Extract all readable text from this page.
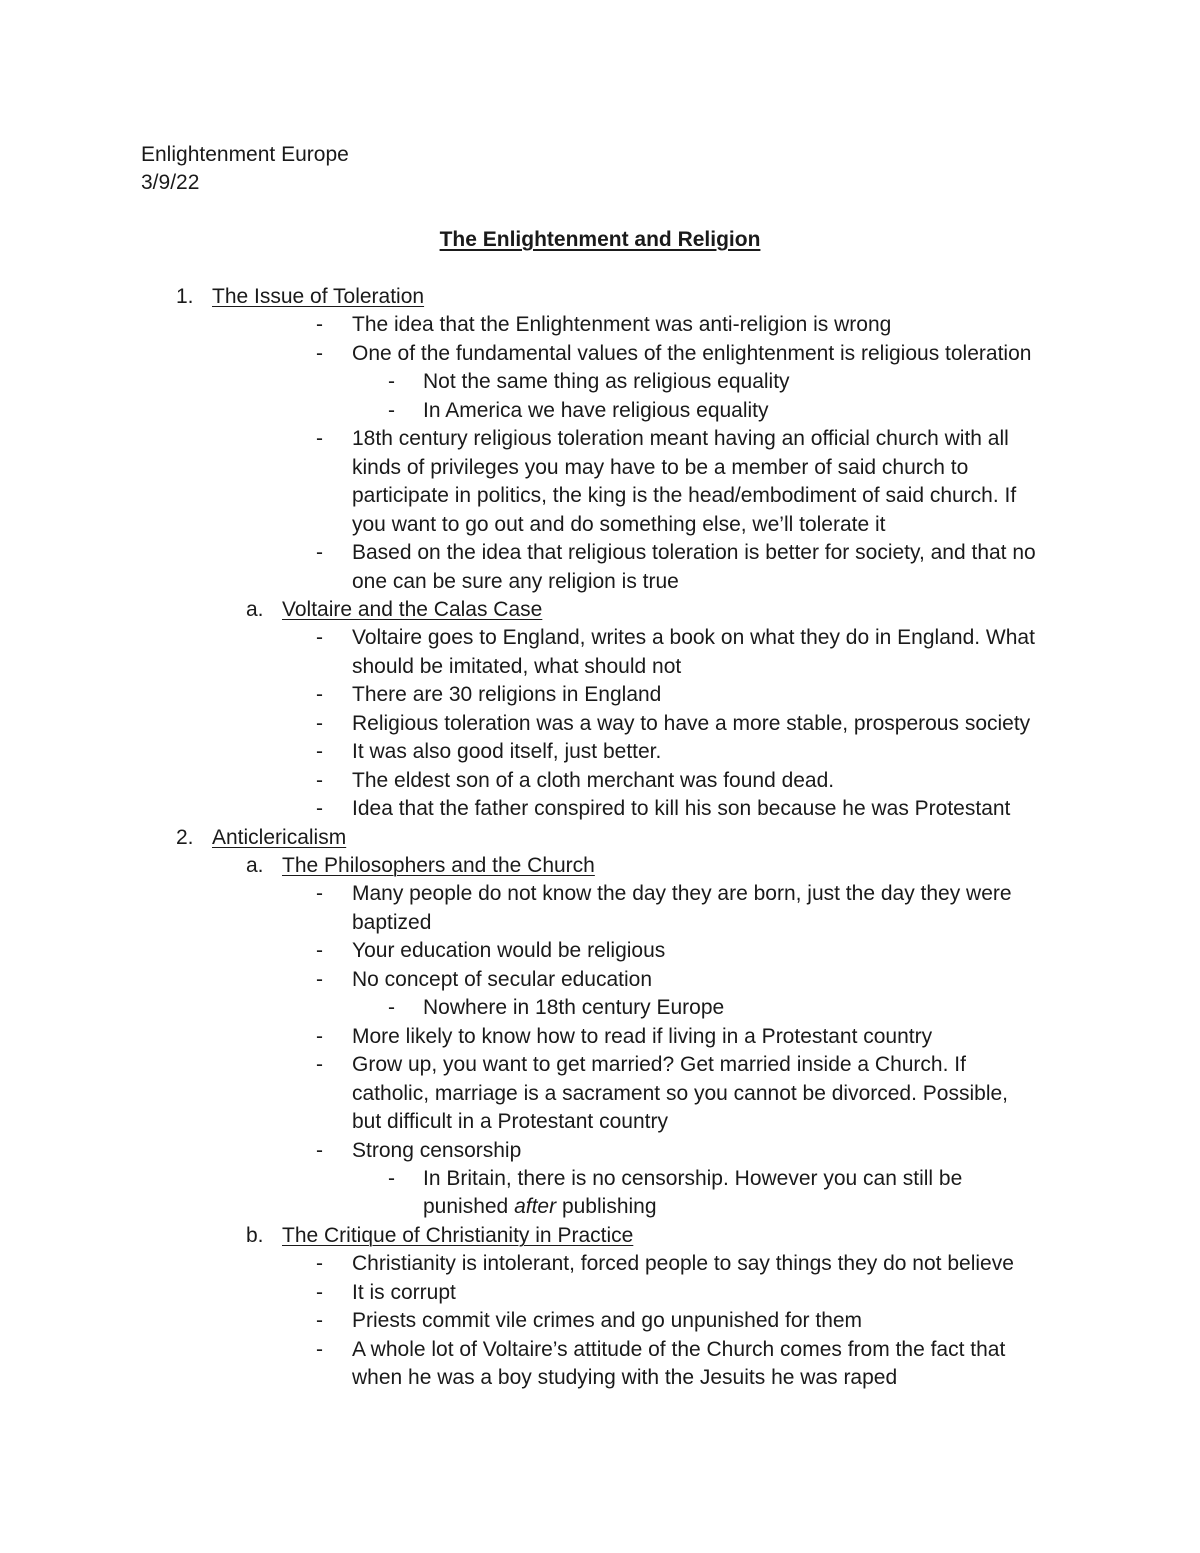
Enlightenment Europe
3/9/22
The Enlightenment and Religion
1. The Issue of Toleration
- The idea that the Enlightenment was anti-religion is wrong
- One of the fundamental values of the enlightenment is religious toleration
- Not the same thing as religious equality
- In America we have religious equality
- 18th century religious toleration meant having an official church with all
kinds of privileges you may have to be a member of said church to
participate in politics, the king is the head/embodiment of said church. If
you want to go out and do something else, we’ll tolerate it
- Based on the idea that religious toleration is better for society, and that no
one can be sure any religion is true
a. Voltaire and the Calas Case
- Voltaire goes to England, writes a book on what they do in England. What
should be imitated, what should not
- There are 30 religions in England
- Religious toleration was a way to have a more stable, prosperous society
- It was also good itself, just better.
- The eldest son of a cloth merchant was found dead.
- Idea that the father conspired to kill his son because he was Protestant
2. Anticlericalism
a. The Philosophers and the Church
- Many people do not know the day they are born, just the day they were
baptized
- Your education would be religious
- No concept of secular education
- Nowhere in 18th century Europe
- More likely to know how to read if living in a Protestant country
- Grow up, you want to get married? Get married inside a Church. If
catholic, marriage is a sacrament so you cannot be divorced. Possible,
but difficult in a Protestant country
- Strong censorship
- In Britain, there is no censorship. However you can still be
punished after publishing
b. The Critique of Christianity in Practice
- Christianity is intolerant, forced people to say things they do not believe
- It is corrupt
- Priests commit vile crimes and go unpunished for them
- A whole lot of Voltaire’s attitude of the Church comes from the fact that
when he was a boy studying with the Jesuits he was raped
